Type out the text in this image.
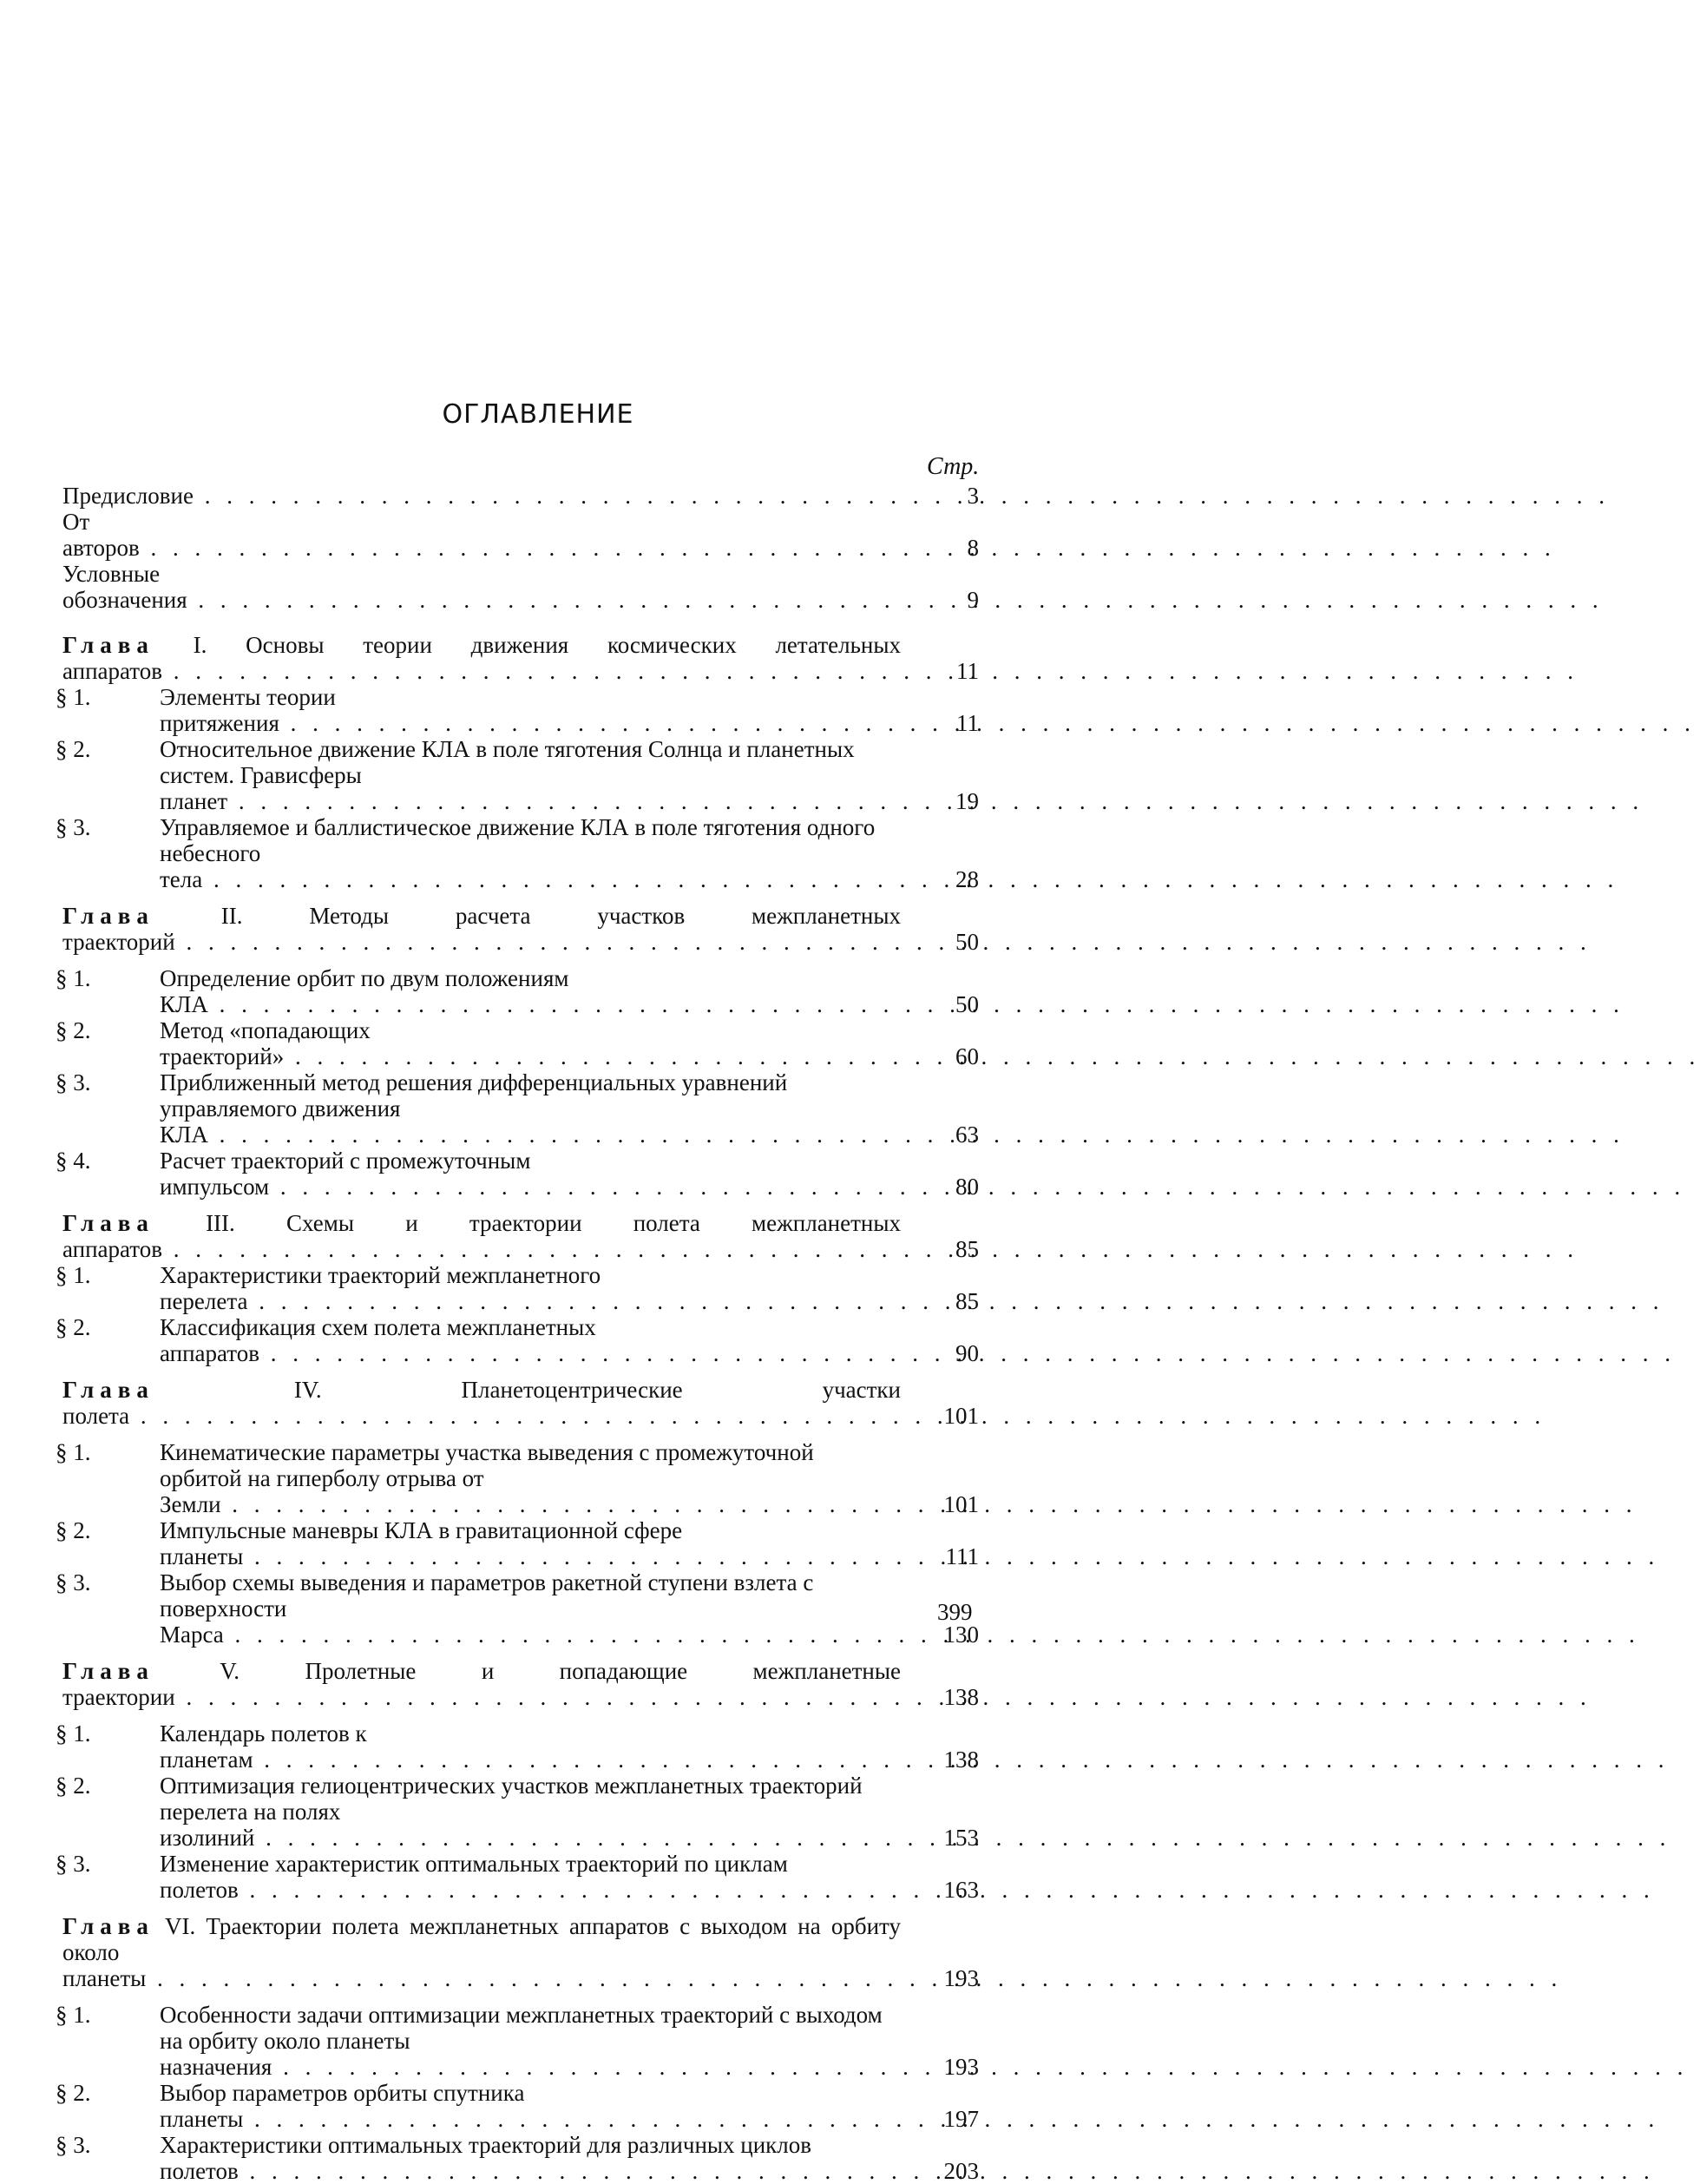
ОГЛАВЛЕНИЕ
Стр.
Предисловие . . .	3
От авторов . . .	8
Условные обозначения . . .	9
Глава I. Основы теории движения космических летательных аппаратов . . .	11
§ 1.	Элементы теории притяжения . . .	11
§ 2.	Относительное движение КЛА в поле тяготения Солнца и планетных систем. Грависферы планет . . .	19
§ 3.	Управляемое и баллистическое движение КЛА в поле тяготения одного небесного тела . . .	28
Глава	II. Методы расчета участков межпланетных траекторий . . .	50
§ 1.	Определение орбит по двум положениям КЛА . . .	50
§ 2.	Метод «попадающих траекторий» . . .	60
§ 3.	Приближенный метод решения дифференциальных уравнений управляемого движения КЛА . . .	63
§ 4.	Расчет траекторий с промежуточным импульсом . . .	80
Глава III. Схемы и траектории полета межпланетных аппаратов . . .	85
§ 1.	Характеристики траекторий межпланетного перелета . . .	85
§ 2.	Классификация схем полета межпланетных аппаратов . . .	90
Глава	IV. Планетоцентрические участки полета . . .	101
§ 1.	Кинематические параметры участка выведения с промежуточной орбитой на гиперболу отрыва от Земли . . .	101
§ 2.	Импульсные маневры КЛА в гравитационной сфере планеты . . .	111
§ 3.	Выбор схемы выведения и параметров ракетной ступени взлета с поверхности Марса . . .	130
Глава	V. Пролетные и попадающие межпланетные траектории . . .	138
§ 1.	Календарь полетов к планетам . . .	138
§ 2.	Оптимизация гелиоцентрических участков межпланетных траекторий перелета на полях изолиний . . .	153
§ 3.	Изменение характеристик оптимальных траекторий по циклам полетов . . .	163
Глава VI. Траектории полета межпланетных аппаратов с выходом на орбиту около планеты . . .	193
§ 1.	Особенности задачи оптимизации межпланетных траекторий с выходом на орбиту около планеты назначения . . .	193
§ 2.	Выбор параметров орбиты спутника планеты . . .	197
§ 3.	Характеристики оптимальных траекторий для различных циклов полетов . . .	203
399
